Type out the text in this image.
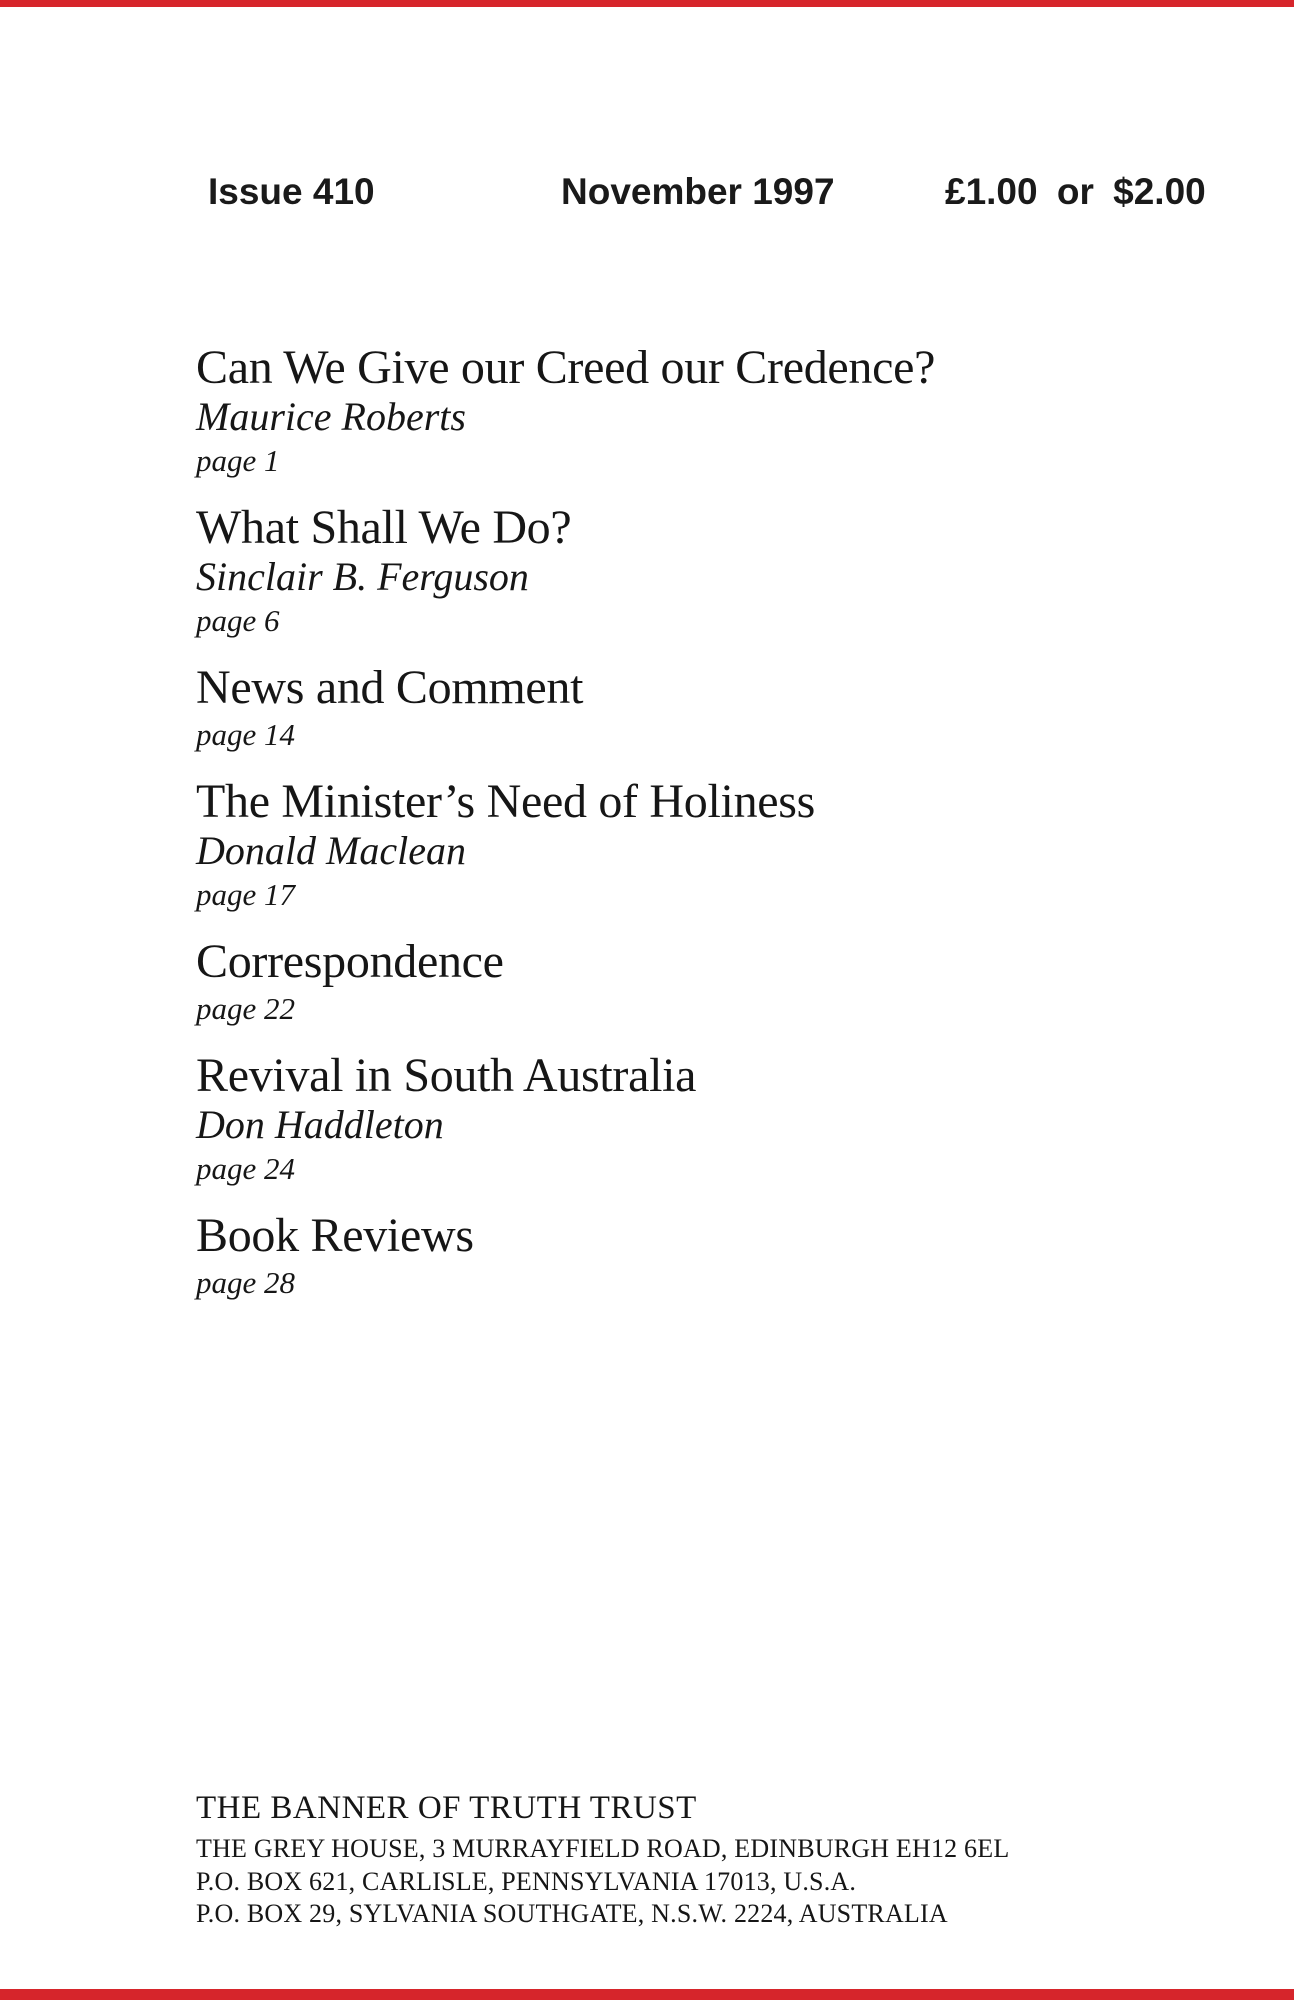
Issue 410	November 1997	£1.00 or $2.00
Can We Give our Creed our Credence?
Maurice Roberts
page 1
What Shall We Do?
Sinclair B. Ferguson
page 6
News and Comment
page 14
The Minister’s Need of Holiness
Donald Maclean
page 17
Correspondence
page 22
Revival in South Australia
Don Haddleton
page 24
Book Reviews
page 28
THE BANNER OF TRUTH TRUST
THE GREY HOUSE, 3 MURRAYFIELD ROAD, EDINBURGH EH12 6EL
P.O. BOX 621, CARLISLE, PENNSYLVANIA 17013, U.S.A.
P.O. BOX 29, SYLVANIA SOUTHGATE, N.S.W. 2224, AUSTRALIA
